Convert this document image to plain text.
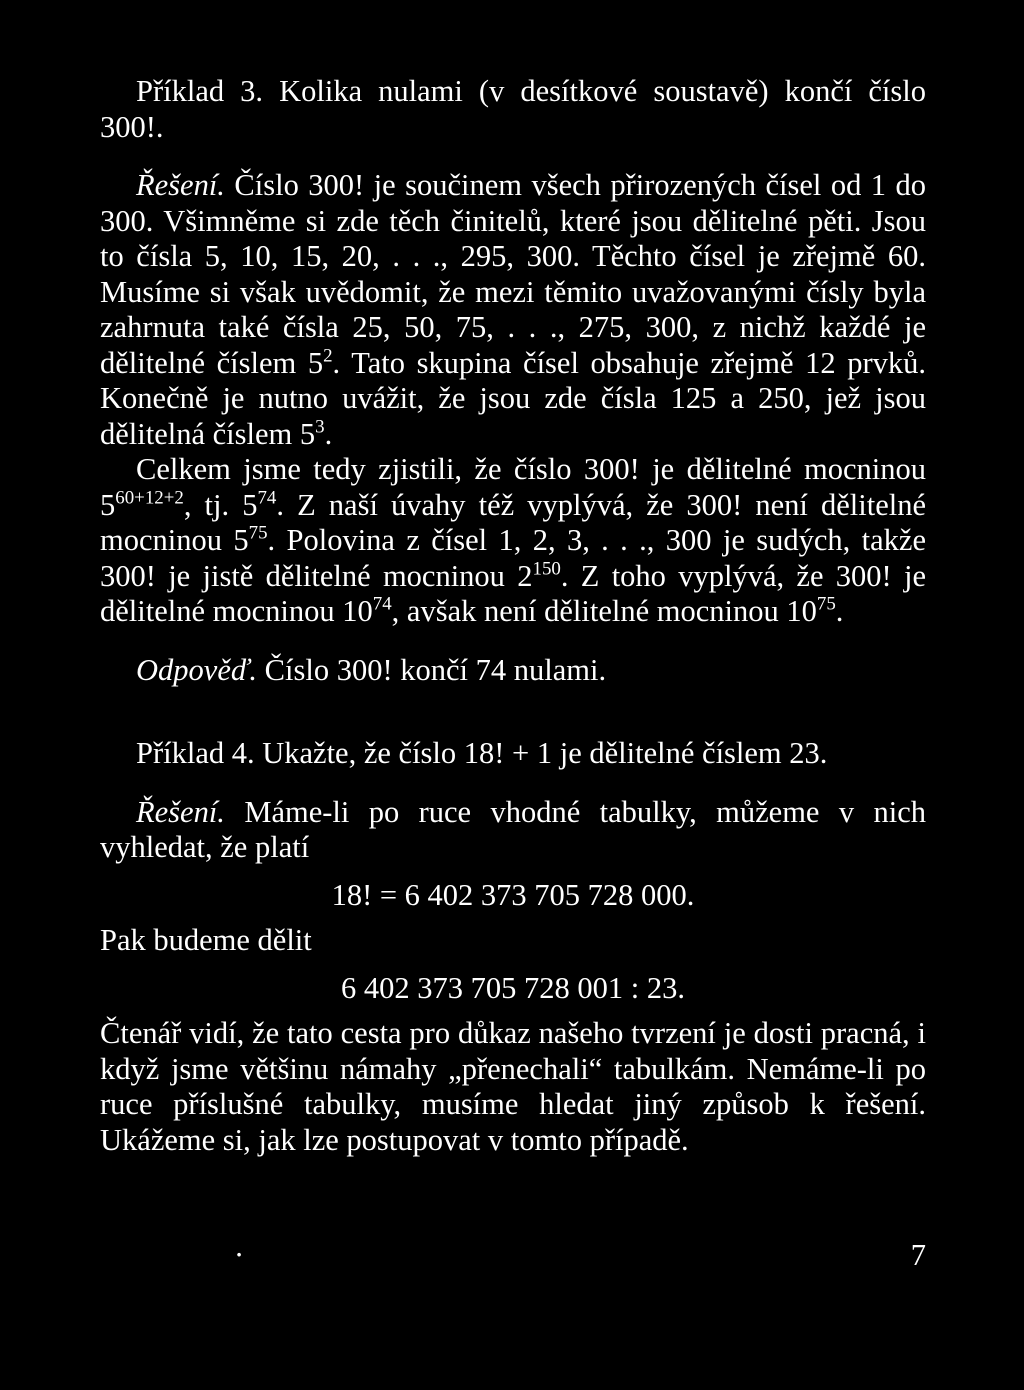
Příklad 3. Kolika nulami (v desítkové soustavě) končí číslo 300!.

Řešení. Číslo 300! je součinem všech přirozených čísel od 1 do 300. Všimněme si zde těch činitelů, které jsou dělitelné pěti. Jsou to čísla 5, 10, 15, 20, . . ., 295, 300. Těchto čísel je zřejmě 60. Musíme si však uvědomit, že mezi těmito uvažovanými čísly byla zahrnuta také čísla 25, 50, 75, . . ., 275, 300, z nichž každé je dělitelné číslem $5^2$. Tato skupina čísel obsahuje zřejmě 12 prvků. Konečně je nutno uvážit, že jsou zde čísla 125 a 250, jež jsou dělitelná číslem $5^3$.

Celkem jsme tedy zjistili, že číslo 300! je dělitelné mocninou $5^{60+12+2}$, tj. $5^{74}$. Z naší úvahy též vyplývá, že 300! není dělitelné mocninou $5^{75}$. Polovina z čísel 1, 2, 3, . . ., 300 je sudých, takže 300! je jistě dělitelné mocninou $2^{150}$. Z toho vyplývá, že 300! je dělitelné mocninou $10^{74}$, avšak není dělitelné mocninou $10^{75}$.

Odpověď. Číslo 300! končí 74 nulami.

Příklad 4. Ukažte, že číslo 18! + 1 je dělitelné číslem 23.

Řešení. Máme-li po ruce vhodné tabulky, můžeme v nich vyhledat, že platí

18! = 6 402 373 705 728 000.

Pak budeme dělit

6 402 373 705 728 001 : 23.

Čtenář vidí, že tato cesta pro důkaz našeho tvrzení je dosti pracná, i když jsme většinu námahy „přenechali“ tabulkám. Nemáme-li po ruce příslušné tabulky, musíme hledat jiný způsob k řešení. Ukážeme si, jak lze postupovat v tomto případě.

·	7
